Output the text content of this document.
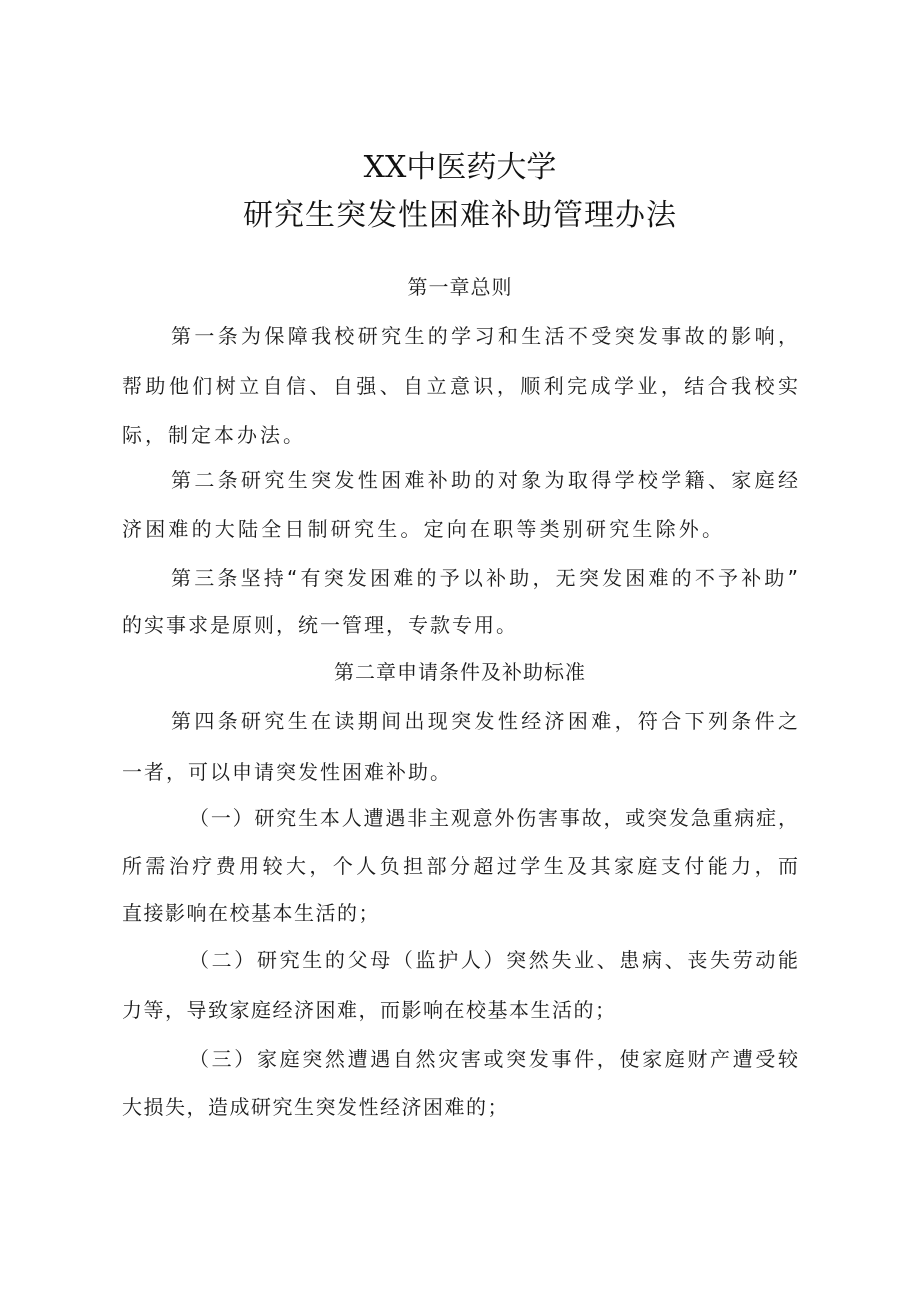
XX中医药大学
研究生突发性困难补助管理办法
第一章总则
第一条为保障我校研究生的学习和生活不受突发事故的影响，
帮助他们树立自信、自强、自立意识，顺利完成学业，结合我校实
际，制定本办法。
第二条研究生突发性困难补助的对象为取得学校学籍、家庭经
济困难的大陆全日制研究生。定向在职等类别研究生除外。
第三条坚持“有突发困难的予以补助，无突发困难的不予补助”
的实事求是原则，统一管理，专款专用。
第二章申请条件及补助标准
第四条研究生在读期间出现突发性经济困难，符合下列条件之
一者，可以申请突发性困难补助。
（一）研究生本人遭遇非主观意外伤害事故，或突发急重病症，
所需治疗费用较大，个人负担部分超过学生及其家庭支付能力，而
直接影响在校基本生活的；
（二）研究生的父母（监护人）突然失业、患病、丧失劳动能
力等，导致家庭经济困难，而影响在校基本生活的；
（三）家庭突然遭遇自然灾害或突发事件，使家庭财产遭受较
大损失，造成研究生突发性经济困难的；
